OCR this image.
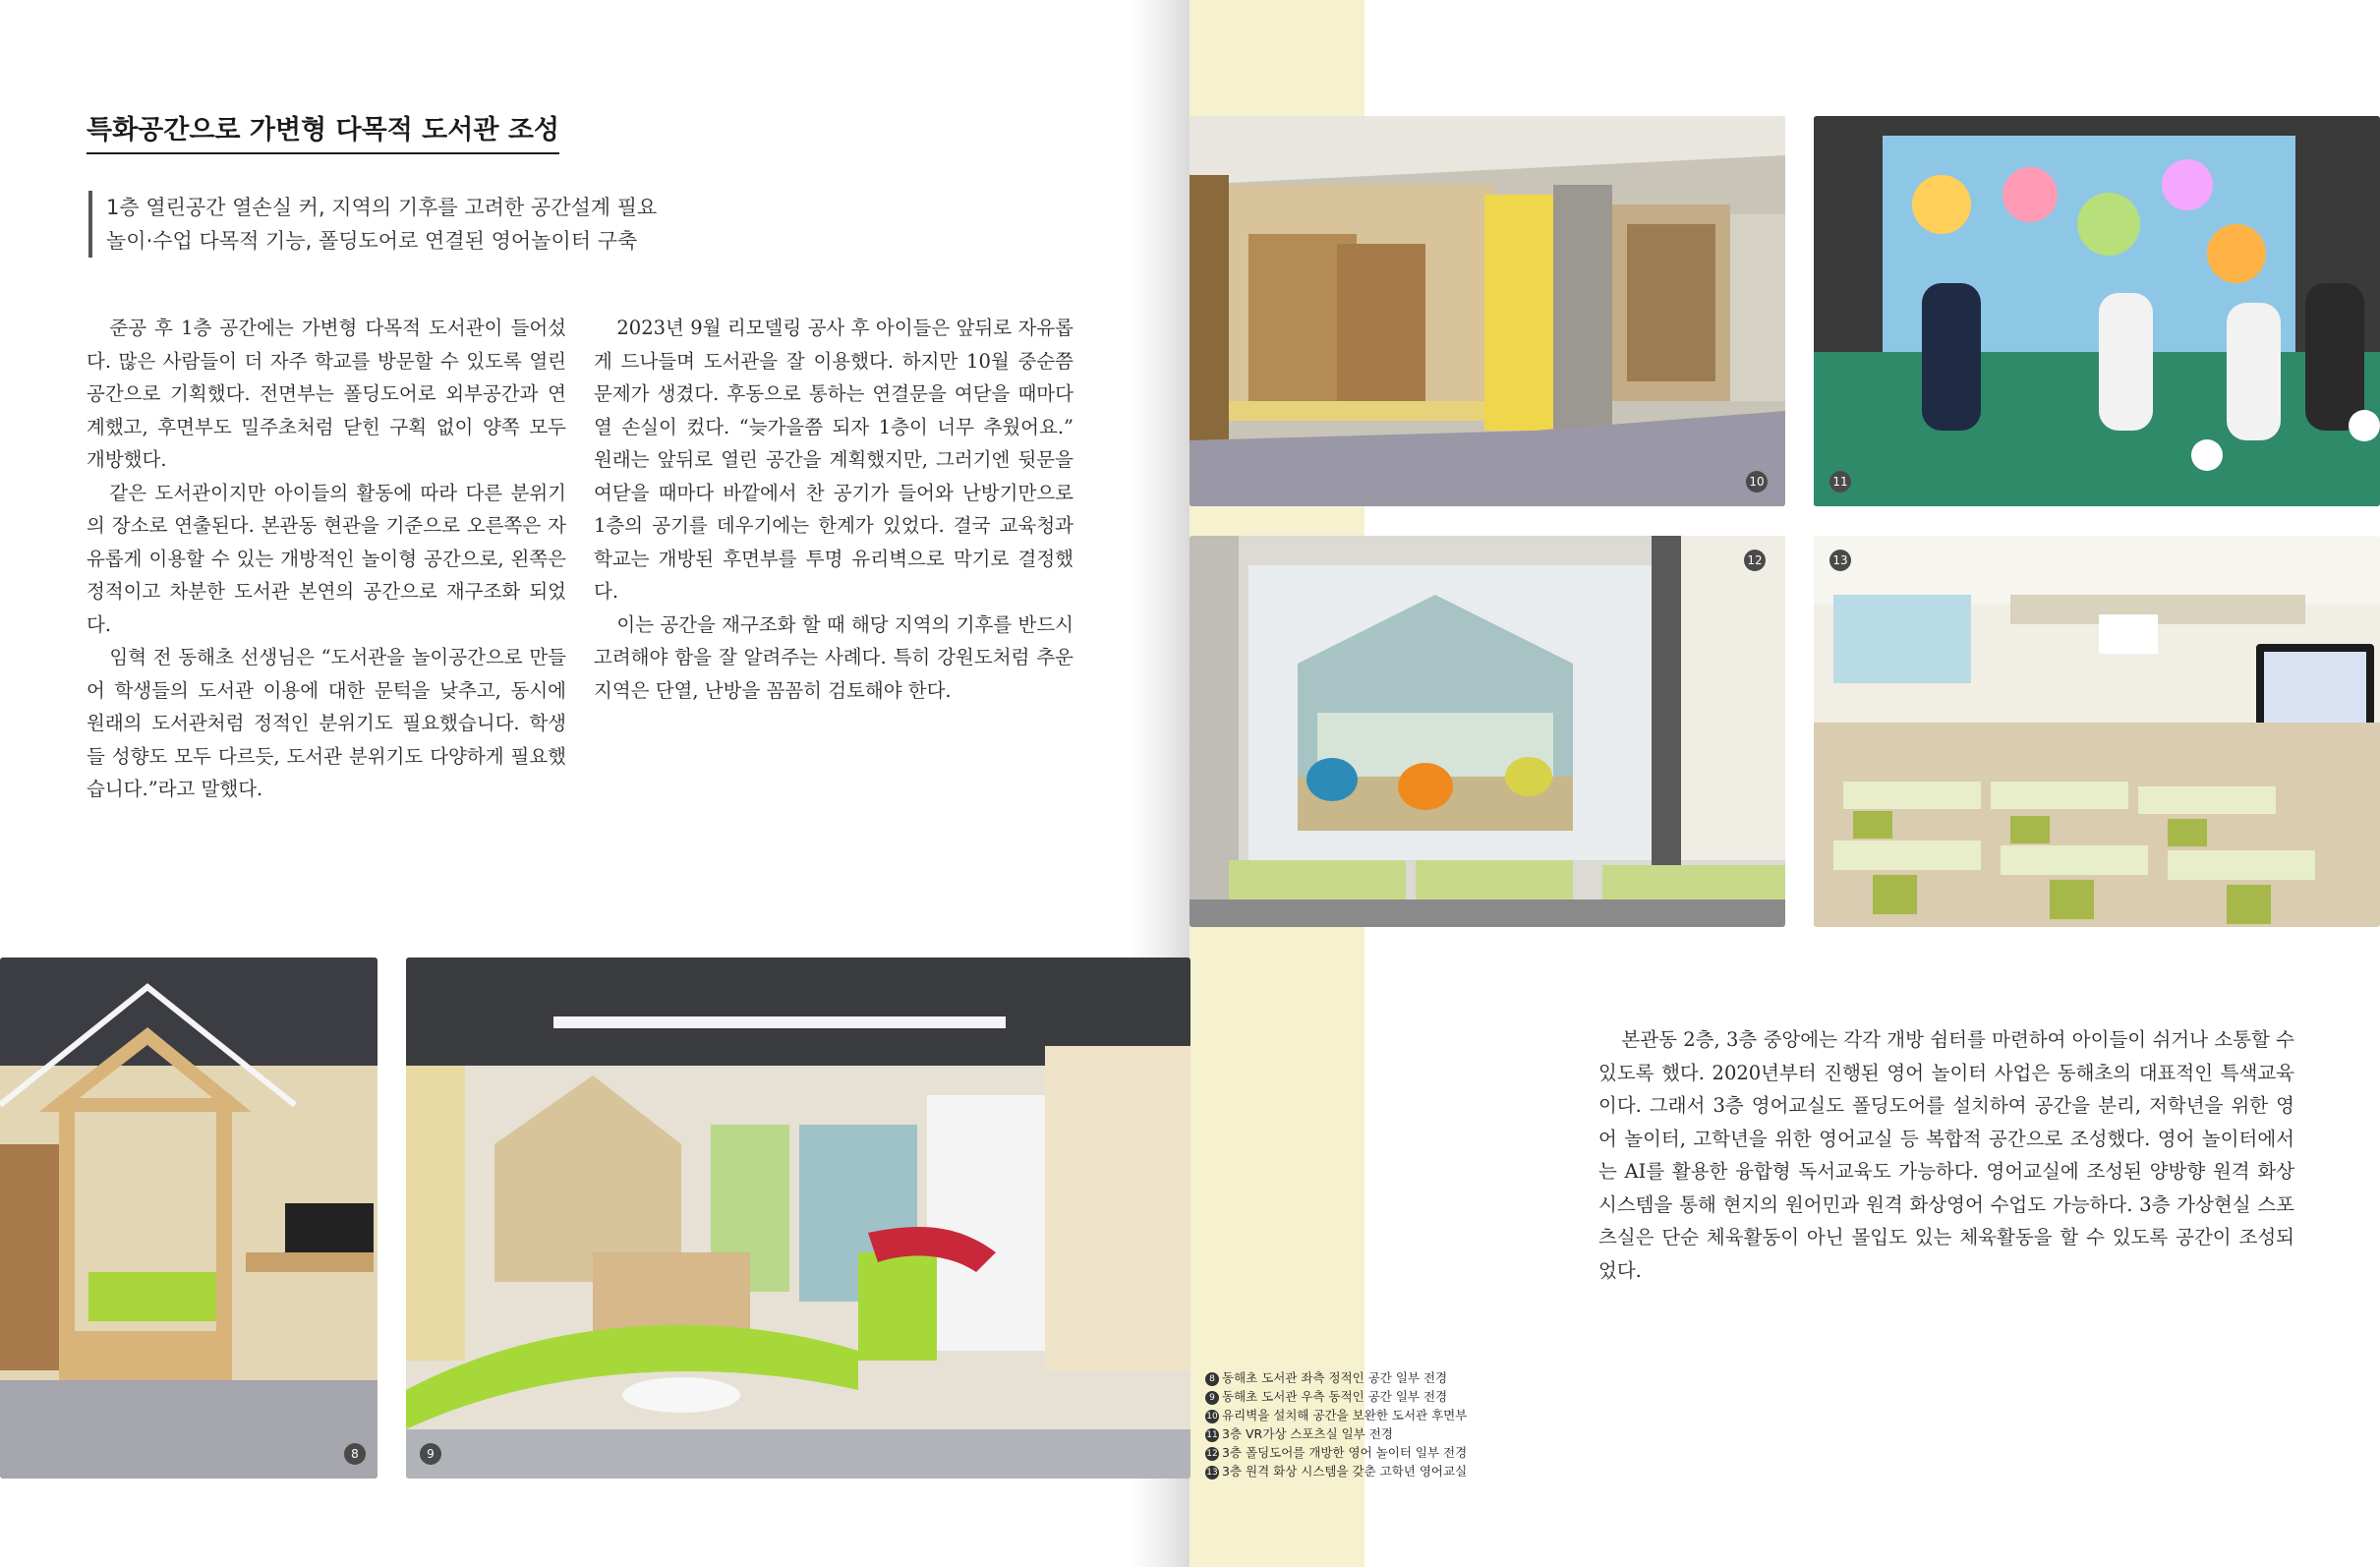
특화공간으로 가변형 다목적 도서관 조성
1층 열린공간 열손실 커, 지역의 기후를 고려한 공간설계 필요
놀이·수업 다목적 기능, 폴딩도어로 연결된 영어놀이터 구축

준공 후 1층 공간에는 가변형 다목적 도서관이 들어섰다. 많은 사람들이 더 자주 학교를 방문할 수 있도록 열린 공간으로 기획했다. 전면부는 폴딩도어로 외부공간과 연계했고, 후면부도 밀주초처럼 닫힌 구획 없이 양쪽 모두 개방했다.

같은 도서관이지만 아이들의 활동에 따라 다른 분위기의 장소로 연출된다. 본관동 현관을 기준으로 오른쪽은 자유롭게 이용할 수 있는 개방적인 놀이형 공간으로, 왼쪽은 정적이고 차분한 도서관 본연의 공간으로 재구조화 되었다.

임혁 전 동해초 선생님은 “도서관을 놀이공간으로 만들어 학생들의 도서관 이용에 대한 문턱을 낮추고, 동시에 원래의 도서관처럼 정적인 분위기도 필요했습니다. 학생들 성향도 모두 다르듯, 도서관 분위기도 다양하게 필요했습니다.”라고 말했다.

2023년 9월 리모델링 공사 후 아이들은 앞뒤로 자유롭게 드나들며 도서관을 잘 이용했다. 하지만 10월 중순쯤 문제가 생겼다. 후동으로 통하는 연결문을 여닫을 때마다 열 손실이 컸다. “늦가을쯤 되자 1층이 너무 추웠어요.” 원래는 앞뒤로 열린 공간을 계획했지만, 그러기엔 뒷문을 여닫을 때마다 바깥에서 찬 공기가 들어와 난방기만으로 1층의 공기를 데우기에는 한계가 있었다. 결국 교육청과 학교는 개방된 후면부를 투명 유리벽으로 막기로 결정했다.

이는 공간을 재구조화 할 때 해당 지역의 기후를 반드시 고려해야 함을 잘 알려주는 사례다. 특히 강원도처럼 추운 지역은 단열, 난방을 꼼꼼히 검토해야 한다.

본관동 2층, 3층 중앙에는 각각 개방 쉼터를 마련하여 아이들이 쉬거나 소통할 수 있도록 했다. 2020년부터 진행된 영어 놀이터 사업은 동해초의 대표적인 특색교육이다. 그래서 3층 영어교실도 폴딩도어를 설치하여 공간을 분리, 저학년을 위한 영어 놀이터, 고학년을 위한 영어교실 등 복합적 공간으로 조성했다. 영어 놀이터에서는 AI를 활용한 융합형 독서교육도 가능하다. 영어교실에 조성된 양방향 원격 화상 시스템을 통해 현지의 원어민과 원격 화상영어 수업도 가능하다. 3층 가상현실 스포츠실은 단순 체육활동이 아닌 몰입도 있는 체육활동을 할 수 있도록 공간이 조성되었다.

10	11
12	13
8	9
8 동해초 도서관 좌측 정적인 공간 일부 전경
9 동해초 도서관 우측 동적인 공간 일부 전경
10 유리벽을 설치해 공간을 보완한 도서관 후면부
11 3층 VR가상 스포츠실 일부 전경
12 3층 폴딩도어를 개방한 영어 놀이터 일부 전경
13 3층 원격 화상 시스템을 갖춘 고학년 영어교실
